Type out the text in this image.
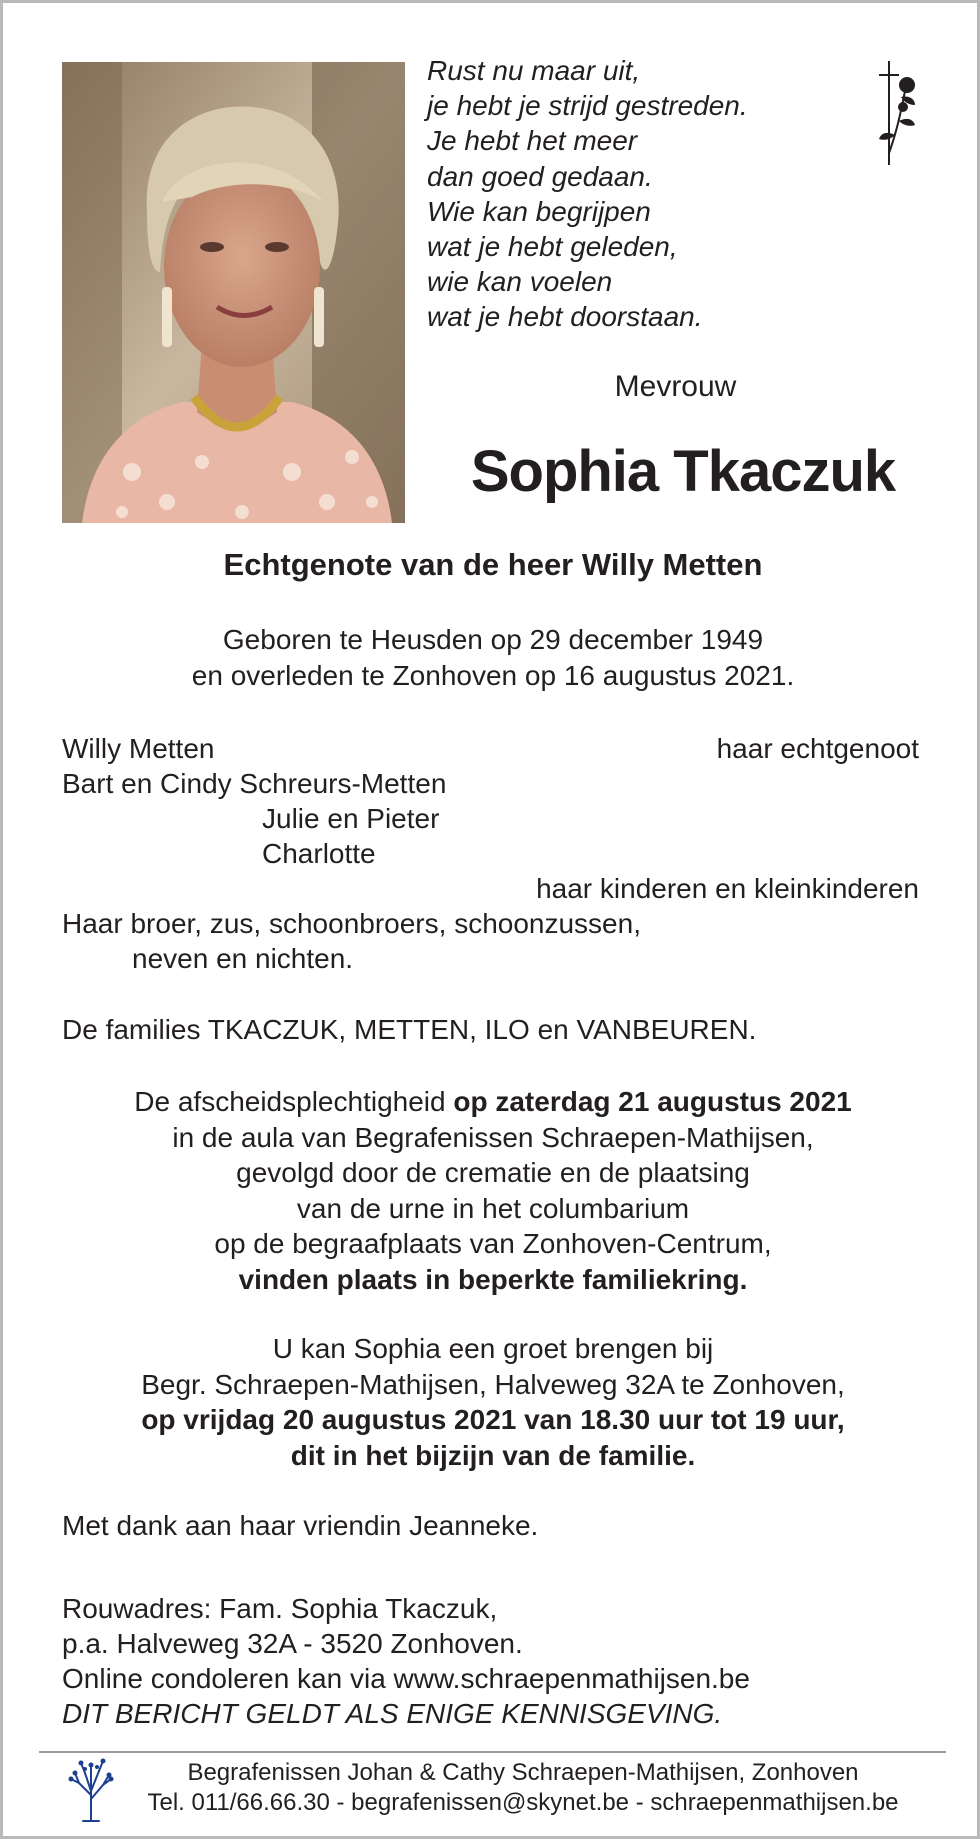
Rust nu maar uit,
je hebt je strijd gestreden.
Je hebt het meer
dan goed gedaan.
Wie kan begrijpen
wat je hebt geleden,
wie kan voelen
wat je hebt doorstaan.
Mevrouw
Sophia Tkaczuk
Echtgenote van de heer Willy Metten
Geboren te Heusden op 29 december 1949
en overleden te Zonhoven op 16 augustus 2021.
Willy Metten	haar echtgenoot
Bart en Cindy Schreurs-Metten
Julie en Pieter
Charlotte
haar kinderen en kleinkinderen
Haar broer, zus, schoonbroers, schoonzussen,
neven en nichten.
De families TKACZUK, METTEN, ILO en VANBEUREN.
De afscheidsplechtigheid op zaterdag 21 augustus 2021
in de aula van Begrafenissen Schraepen-Mathijsen,
gevolgd door de crematie en de plaatsing
van de urne in het columbarium
op de begraafplaats van Zonhoven-Centrum,
vinden plaats in beperkte familiekring.
U kan Sophia een groet brengen bij
Begr. Schraepen-Mathijsen, Halveweg 32A te Zonhoven,
op vrijdag 20 augustus 2021 van 18.30 uur tot 19 uur,
dit in het bijzijn van de familie.
Met dank aan haar vriendin Jeanneke.
Rouwadres: Fam. Sophia Tkaczuk,
p.a. Halveweg 32A - 3520 Zonhoven.
Online condoleren kan via www.schraepenmathijsen.be
DIT BERICHT GELDT ALS ENIGE KENNISGEVING.
Begrafenissen Johan & Cathy Schraepen-Mathijsen, Zonhoven
Tel. 011/66.66.30 - begrafenissen@skynet.be - schraepenmathijsen.be
